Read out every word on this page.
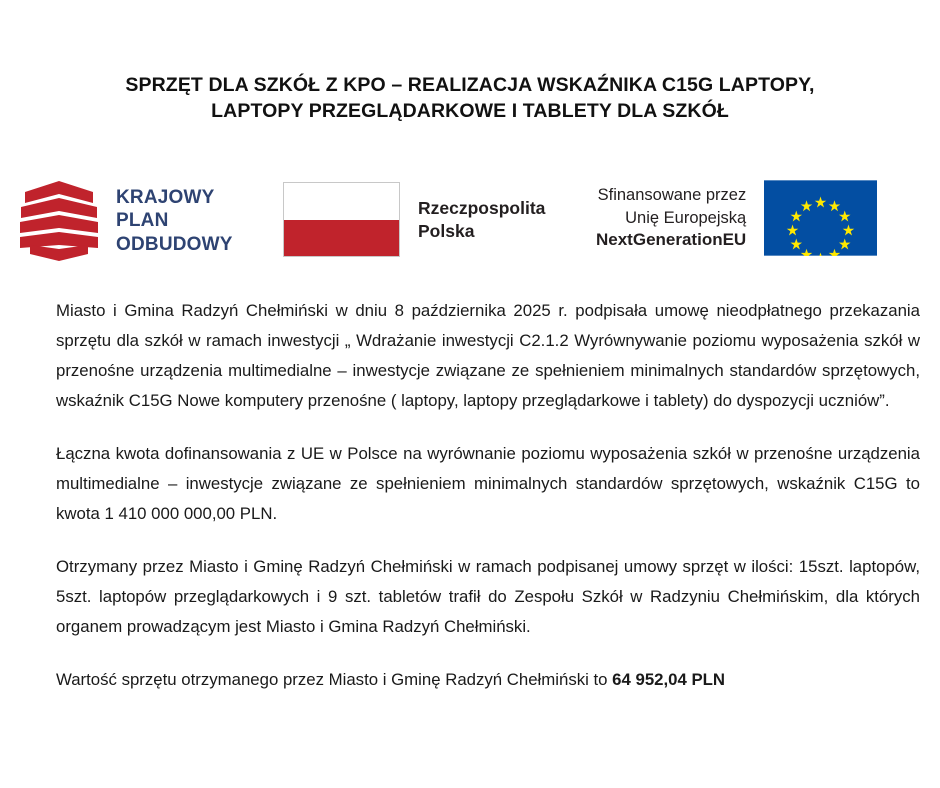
SPRZĘT DLA SZKÓŁ Z KPO – REALIZACJA WSKAŹNIKA C15G LAPTOPY,
LAPTOPY PRZEGLĄDARKOWE I TABLETY DLA SZKÓŁ
KRAJOWY
PLAN
ODBUDOWY
Rzeczpospolita
Polska
Sfinansowane przez
Unię Europejską
NextGenerationEU

Miasto i Gmina Radzyń Chełmiński w dniu 8 października 2025 r. podpisała umowę nieodpłatnego przekazania sprzętu dla szkół w ramach inwestycji „ Wdrażanie inwestycji C2.1.2 Wyrównywanie poziomu wyposażenia szkół w przenośne urządzenia multimedialne – inwestycje związane ze spełnieniem minimalnych standardów sprzętowych, wskaźnik C15G Nowe komputery przenośne ( laptopy, laptopy przeglądarkowe i tablety) do dyspozycji uczniów”.

Łączna kwota dofinansowania z UE w Polsce na wyrównanie poziomu wyposażenia szkół w przenośne urządzenia multimedialne – inwestycje związane ze spełnieniem minimalnych standardów sprzętowych, wskaźnik C15G to kwota 1 410 000 000,00 PLN.

Otrzymany przez Miasto i Gminę Radzyń Chełmiński w ramach podpisanej umowy sprzęt w ilości: 15szt. laptopów, 5szt. laptopów przeglądarkowych i 9 szt. tabletów trafił do Zespołu Szkół w Radzyniu Chełmińskim, dla których organem prowadzącym jest Miasto i Gmina Radzyń Chełmiński.

Wartość sprzętu otrzymanego przez Miasto i Gminę Radzyń Chełmiński to 64 952,04 PLN
